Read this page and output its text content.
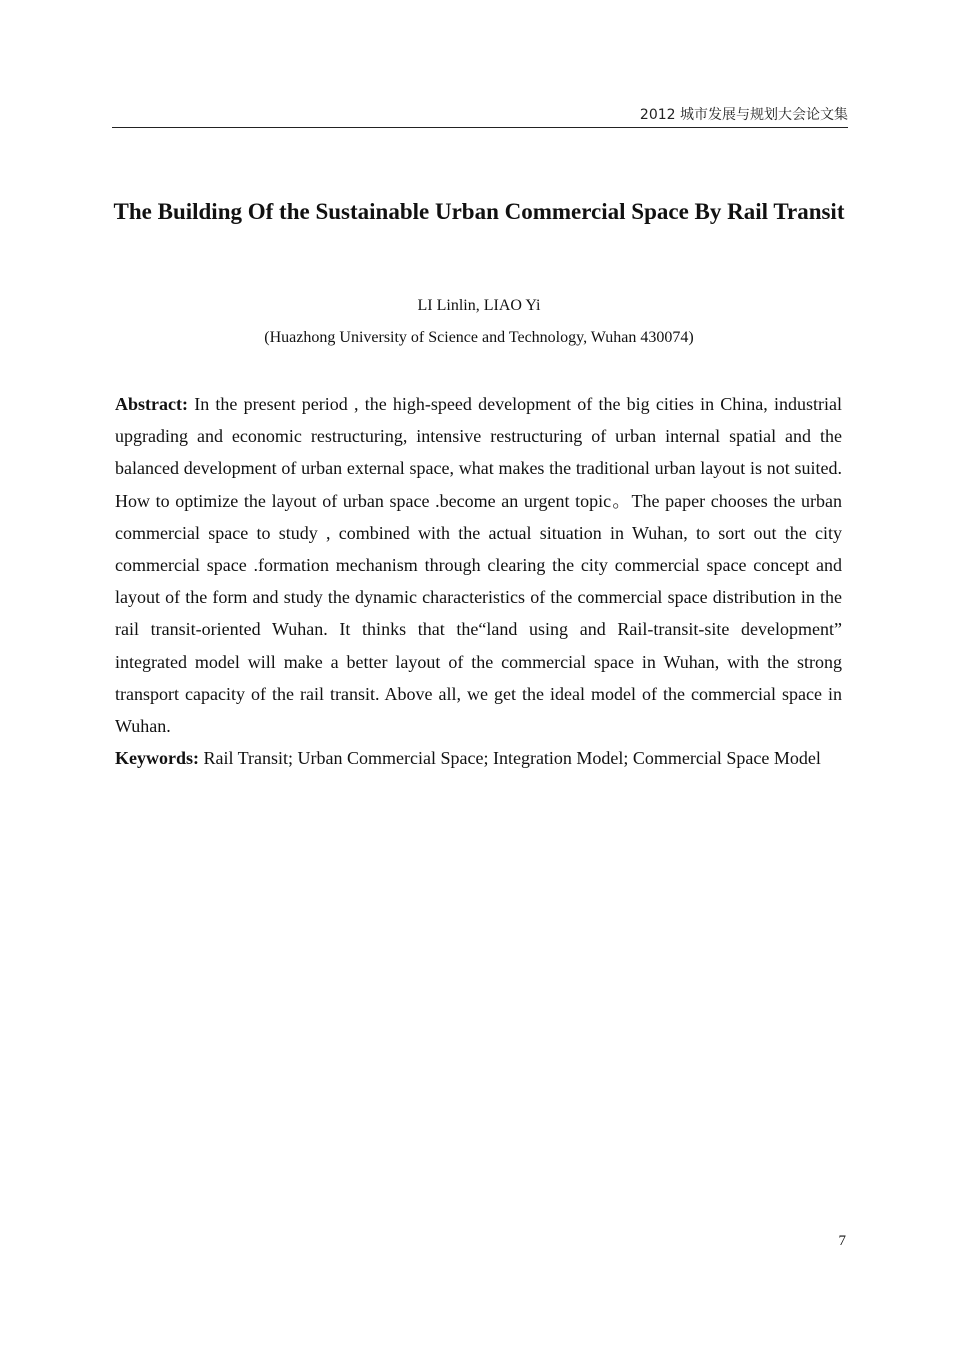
2012 城市发展与规划大会论文集
The Building Of the Sustainable Urban Commercial Space By Rail Transit
LI Linlin, LIAO Yi
(Huazhong University of Science and Technology, Wuhan 430074)

Abstract: In the present period , the high-speed development of the big cities in China, industrial upgrading and economic restructuring, intensive restructuring of urban internal spatial and the balanced development of urban external space, what makes the traditional urban layout is not suited. How to optimize the layout of urban space .become an urgent topic。The paper chooses the urban commercial space to study , combined with the actual situation in Wuhan, to sort out the city commercial space .formation mechanism through clearing the city commercial space concept and layout of the form and study the dynamic characteristics of the commercial space distribution in the rail transit-oriented Wuhan. It thinks that the“land using and Rail-transit-site development” integrated model will make a better layout of the commercial space in Wuhan, with the strong transport capacity of the rail transit. Above all, we get the ideal model of the commercial space in Wuhan.

Keywords: Rail Transit; Urban Commercial Space; Integration Model; Commercial Space Model

7
